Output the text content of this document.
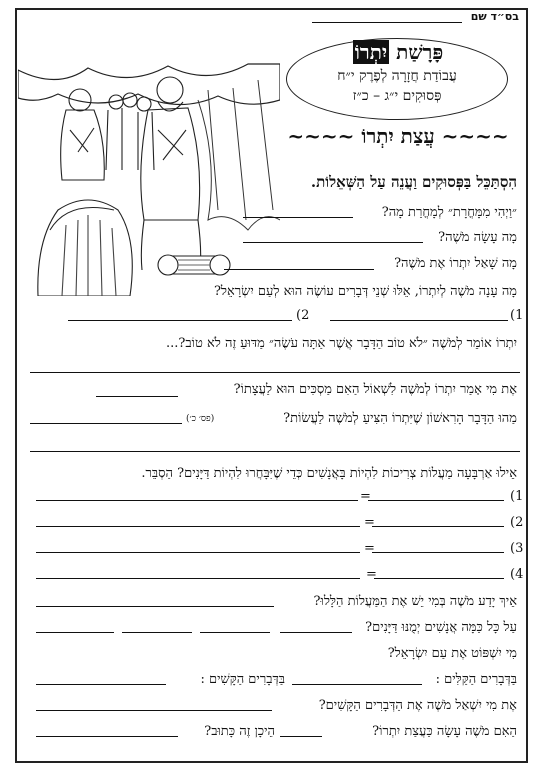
בס״ד שם
פָּרָשַׁת יִתְרוֹ
עֲבוֹדַת חֲזָרָה לְפֶרֶק י״ח
פְּסוּקִים י״ג – כ״ז
~~~~ עֲצַת יִתְרוֹ ~~~~
הִסְתַּכֵּל בַּפְּסוּקִים וַעֲנֵה עַל הַשְּׁאֵלוֹת.
״וַיְהִי מִמָּחֳרָת״ לְמָחֳרַת מָה?
מָה עָשָׂה מֹשֶׁה?
מָה שָׁאַל יִתְרוֹ אֶת מֹשֶׁה?
מָה עָנָה מֹשֶׁה לְיִתְרוֹ, אֵלּוּ שְׁנֵי דְּבָרִים עוֹשֶׂה הוּא לְעַם יִשְׂרָאֵל?
1)
2)
יִתְרוֹ אוֹמֵר לְמֹשֶׁה ״לֹא טוֹב הַדָּבָר אֲשֶׁר אַתָּה עֹשֶׂה״ מַדּוּעַ זֶה לֹא טוֹב?...
אֶת מִי אָמַר יִתְרוֹ לְמֹשֶׁה לִשְׁאוֹל הַאִם מַסְכִּים הוּא לַעֲצָתוֹ?
מַהוּ הַדָּבָר הָרִאשׁוֹן שֶׁיִּתְרוֹ הִצִּיעַ לְמֹשֶׁה לַעֲשׂוֹת?
(פס׳ כ׳)
אֵילוּ אַרְבָּעָה מַעֲלוֹת צְרִיכוֹת לִהְיוֹת בָּאֲנָשִׁים כְּדֵי שֶׁיִּבָּחֲרוּ לִהְיוֹת דַּיָּנִים? הַסְבֵּר.
1)
=
2)
=
3)
=
4)
=
אֵיךְ יָדַע מֹשֶׁה בְּמִי יֵשׁ אֶת הַמַּעֲלוֹת הַלָּלוּ?
עַל כָּל כַּמָּה אֲנָשִׁים יְמֻנּוּ דַּיָּנִים?
מִי יִשְׁפּוֹט אֶת עַם יִשְׂרָאֵל?
בַּדְּבָרִים הַקַּלִּים :
בַּדְּבָרִים הַקָּשִׁים :
אֶת מִי יִשְׁאַל מֹשֶׁה אֶת הַדְּבָרִים הַקָּשִׁים?
הַאִם מֹשֶׁה עָשָׂה כַּעֲצַת יִתְרוֹ?
הֵיכָן זֶה כָּתוּב?
